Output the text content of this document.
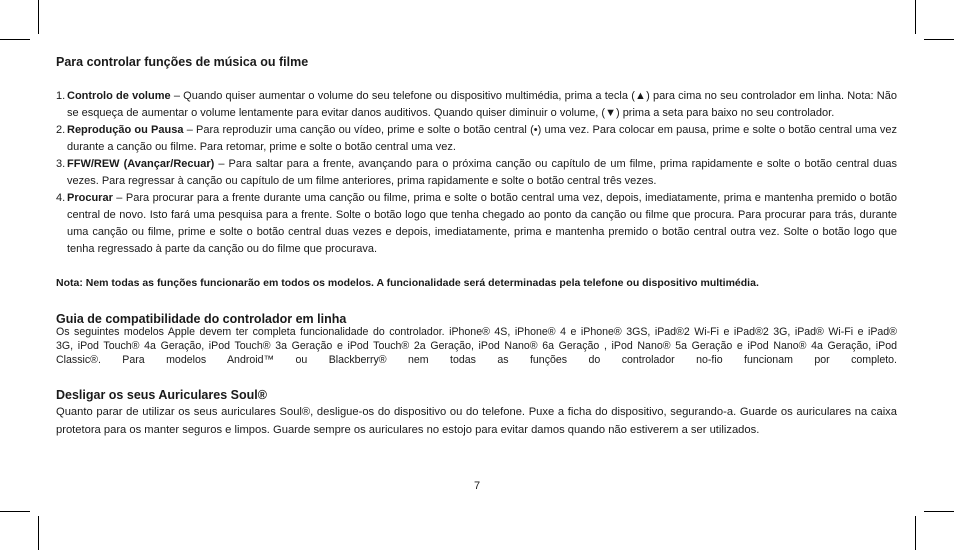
Para controlar funções de música ou filme
1. Controlo de volume – Quando quiser aumentar o volume do seu telefone ou dispositivo multimédia, prima a tecla (▲) para cima no seu controlador em linha. Nota: Não se esqueça de aumentar o volume lentamente para evitar danos auditivos. Quando quiser diminuir o volume, (▼) prima a seta para baixo no seu controlador.
2. Reprodução ou Pausa – Para reproduzir uma canção ou vídeo, prime e solte o botão central (•) uma vez. Para colocar em pausa, prime e solte o botão central uma vez durante a canção ou filme. Para retomar, prime e solte o botão central uma vez.
3. FFW/REW (Avançar/Recuar) – Para saltar para a frente, avançando para o próxima canção ou capítulo de um filme, prima rapidamente e solte o botão central duas vezes. Para regressar à canção ou capítulo de um filme anteriores, prima rapidamente e solte o botão central três vezes.
4. Procurar – Para procurar para a frente durante uma canção ou filme, prima e solte o botão central uma vez, depois, imediatamente, prima e mantenha premido o botão central de novo. Isto fará uma pesquisa para a frente. Solte o botão logo que tenha chegado ao ponto da canção ou filme que procura. Para procurar para trás, durante uma canção ou filme, prime e solte o botão central duas vezes e depois, imediatamente, prima e mantenha premido o botão central outra vez. Solte o botão logo que tenha regressado à parte da canção ou do filme que procurava.

Nota: Nem todas as funções funcionarão em todos os modelos. A funcionalidade será determinadas pela telefone ou dispositivo multimédia.

Guia de compatibilidade do controlador em linha

Os seguintes modelos Apple devem ter completa funcionalidade do controlador. iPhone® 4S, iPhone® 4 e iPhone® 3GS, iPad®2 Wi-Fi e iPad®2 3G, iPad® Wi-Fi e iPad® 3G, iPod Touch® 4a Geração, iPod Touch® 3a Geração e iPod Touch® 2a Geração, iPod Nano® 6a Geração , iPod Nano® 5a Geração e iPod Nano® 4a Geração, iPod Classic®. Para modelos Android™ ou Blackberry® nem todas as funções do controlador no-fio funcionam por completo.

Desligar os seus Auriculares Soul®

Quanto parar de utilizar os seus auriculares Soul®, desligue-os do dispositivo ou do telefone. Puxe a ficha do dispositivo, segurando-a. Guarde os auriculares na caixa protetora para os manter seguros e limpos. Guarde sempre os auriculares no estojo para evitar damos quando não estiverem a ser utilizados.

7
